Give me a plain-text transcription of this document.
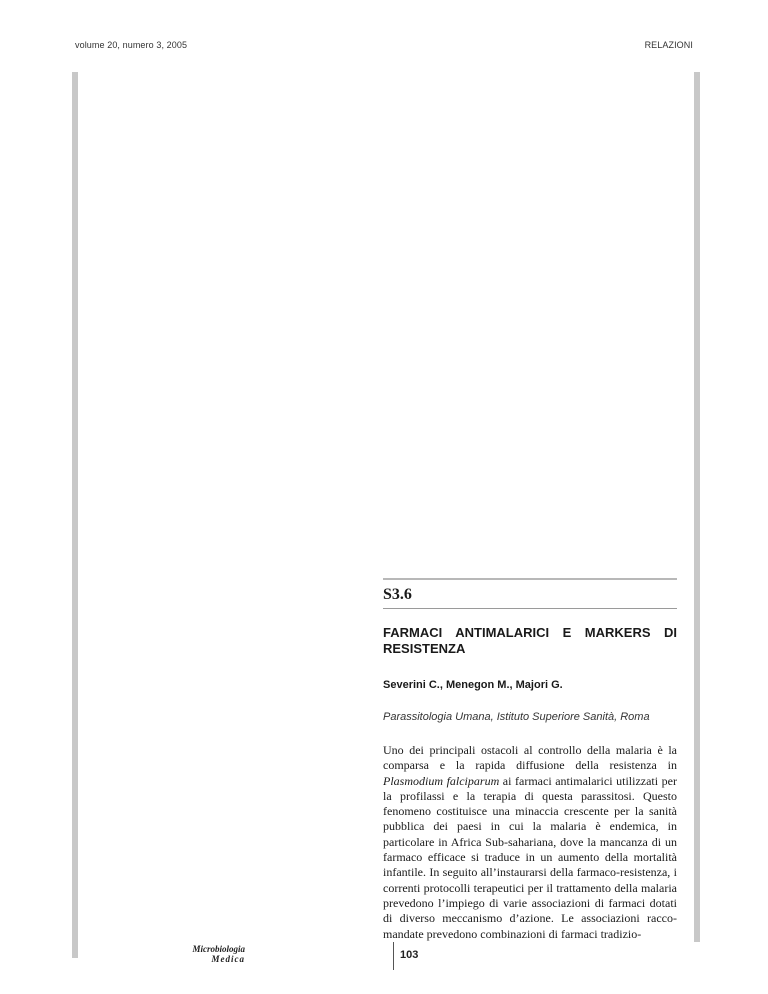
volume 20, numero 3, 2005	RELAZIONI
S3.6
FARMACI ANTIMALARICI E MARKERS DI RESISTENZA
Severini C., Menegon M., Majori G.
Parassitologia Umana, Istituto Superiore Sanità, Roma
Uno dei principali ostacoli al controllo della malaria è la comparsa e la rapida diffusione della resistenza in Plasmodium falciparum ai farmaci antimalarici utilizzati per la profilassi e la terapia di questa parassitosi. Questo fenomeno costituisce una minaccia crescente per la sanità pubblica dei paesi in cui la malaria è endemica, in particolare in Africa Sub-sahariana, dove la mancanza di un farmaco efficace si traduce in un aumento della mortalità infantile. In seguito all’instaurarsi della farmaco-resistenza, i correnti protocolli terapeutici per il trattamento della malaria prevedono l’impiego di varie associazioni di farmaci dotati di diverso meccanismo d’azione. Le associazioni raccomandate prevedono combinazioni di farmaci tradizio-
Microbiologia
Medica	103
